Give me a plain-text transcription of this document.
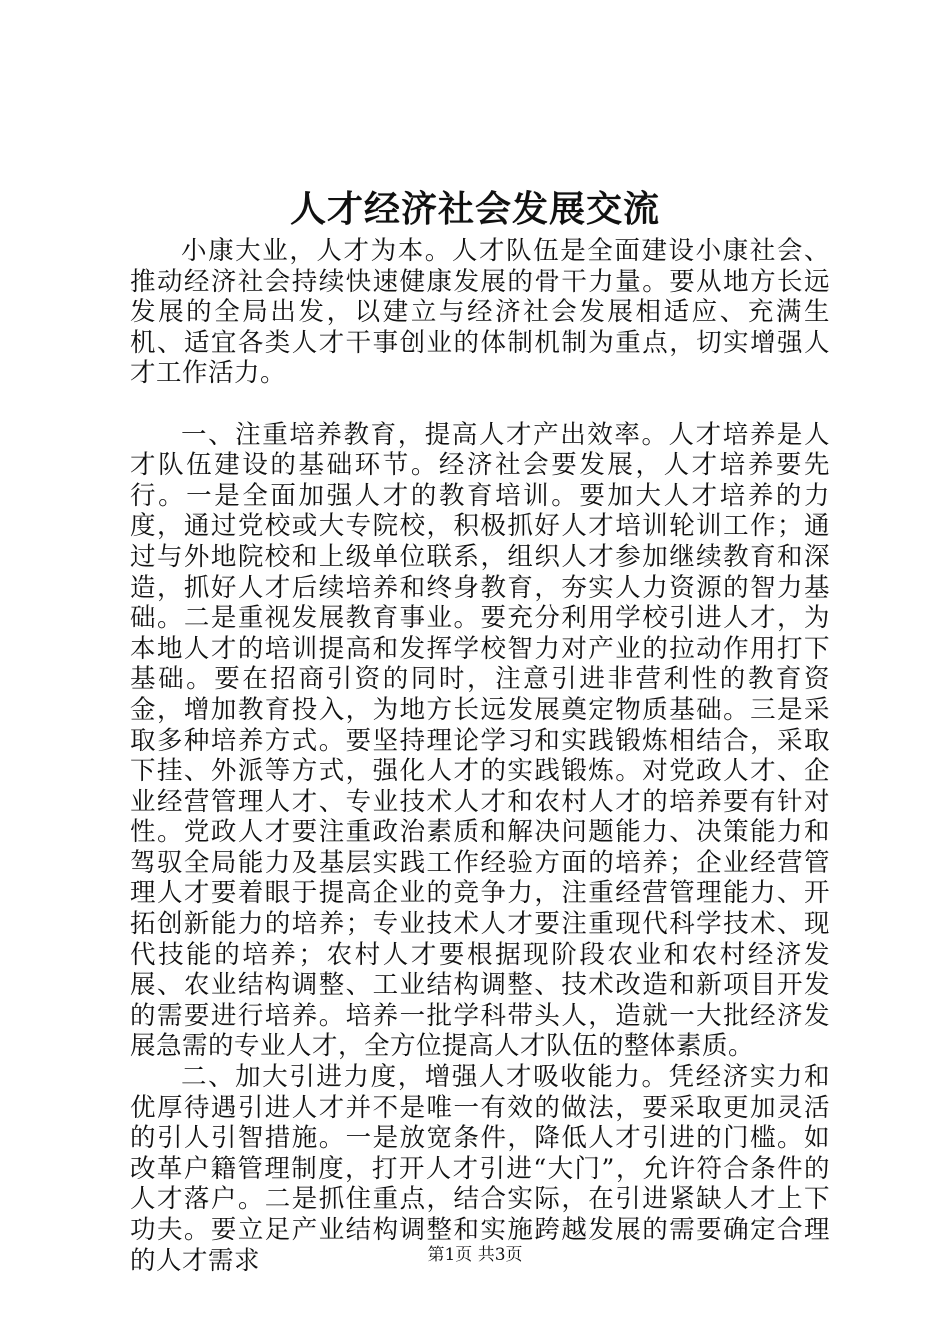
人才经济社会发展交流

小康大业，人才为本。人才队伍是全面建设小康社会、推动经济社会持续快速健康发展的骨干力量。要从地方长远发展的全局出发，以建立与经济社会发展相适应、充满生机、适宜各类人才干事创业的体制机制为重点，切实增强人才工作活力。

一、注重培养教育，提高人才产出效率。人才培养是人才队伍建设的基础环节。经济社会要发展，人才培养要先行。一是全面加强人才的教育培训。要加大人才培养的力度，通过党校或大专院校，积极抓好人才培训轮训工作；通过与外地院校和上级单位联系，组织人才参加继续教育和深造，抓好人才后续培养和终身教育，夯实人力资源的智力基础。二是重视发展教育事业。要充分利用学校引进人才，为本地人才的培训提高和发挥学校智力对产业的拉动作用打下基础。要在招商引资的同时，注意引进非营利性的教育资金，增加教育投入，为地方长远发展奠定物质基础。三是采取多种培养方式。要坚持理论学习和实践锻炼相结合，采取下挂、外派等方式，强化人才的实践锻炼。对党政人才、企业经营管理人才、专业技术人才和农村人才的培养要有针对性。党政人才要注重政治素质和解决问题能力、决策能力和驾驭全局能力及基层实践工作经验方面的培养；企业经营管理人才要着眼于提高企业的竞争力，注重经营管理能力、开拓创新能力的培养；专业技术人才要注重现代科学技术、现代技能的培养；农村人才要根据现阶段农业和农村经济发展、农业结构调整、工业结构调整、技术改造和新项目开发的需要进行培养。培养一批学科带头人，造就一大批经济发展急需的专业人才，全方位提高人才队伍的整体素质。

二、加大引进力度，增强人才吸收能力。凭经济实力和优厚待遇引进人才并不是唯一有效的做法，要采取更加灵活的引人引智措施。一是放宽条件，降低人才引进的门槛。如改革户籍管理制度，打开人才引进“大门”，允许符合条件的人才落户。二是抓住重点，结合实际，在引进紧缺人才上下功夫。要立足产业结构调整和实施跨越发展的需要确定合理的人才需求	第1页 共3页
